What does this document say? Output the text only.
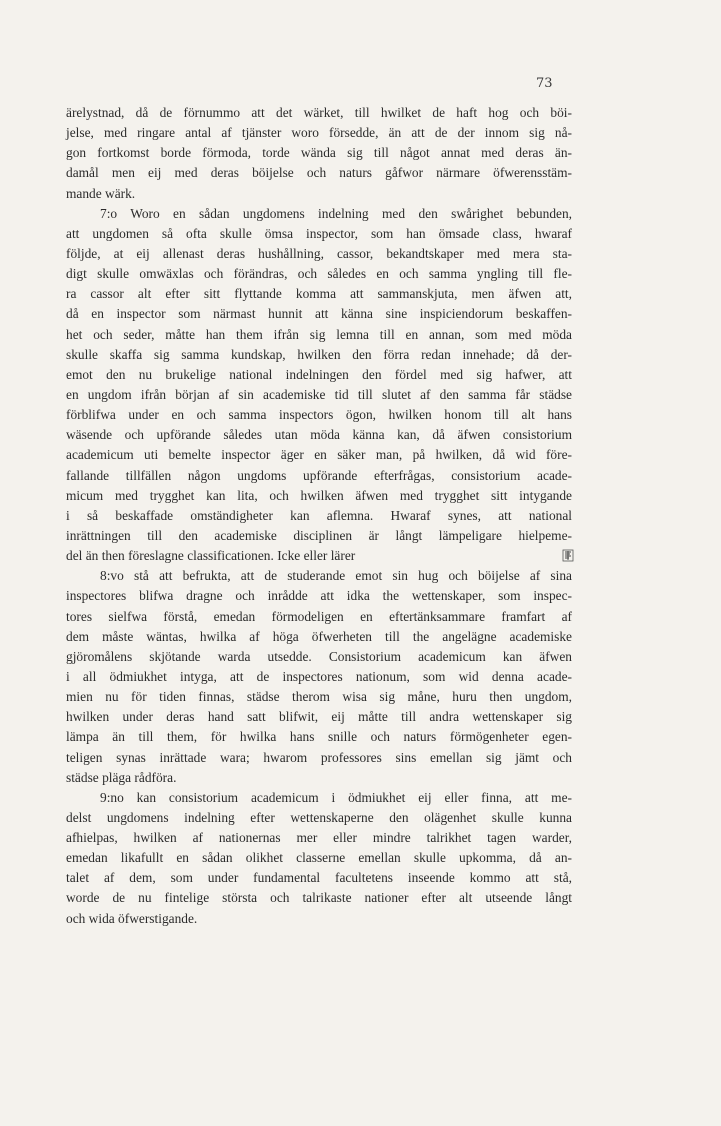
73
ärelystnad, då de förnummo att det wärket, till hwilket de haft hog och böi-
jelse, med ringare antal af tjänster woro försedde, än att de der innom sig nå-
gon fortkomst borde förmoda, torde wända sig till något annat med deras än-
damål men eij med deras böijelse och naturs gåfwor närmare öfwerensstäm-
mande wärk.
7:o Woro en sådan ungdomens indelning med den swårighet bebunden,
att ungdomen så ofta skulle ömsa inspector, som han ömsade class, hwaraf
följde, at eij allenast deras hushållning, cassor, bekandtskaper med mera sta-
digt skulle omwäxlas och förändras, och således en och samma yngling till fle-
ra cassor alt efter sitt flyttande komma att sammanskjuta, men äfwen att,
då en inspector som närmast hunnit att känna sine inspiciendorum beskaffen-
het och seder, måtte han them ifrån sig lemna till en annan, som med möda
skulle skaffa sig samma kundskap, hwilken den förra redan innehade; då der-
emot den nu brukelige national indelningen den fördel med sig hafwer, att
en ungdom ifrån början af sin academiske tid till slutet af den samma får städse
förblifwa under en och samma inspectors ögon, hwilken honom till alt hans
wäsende och upförande således utan möda känna kan, då äfwen consistorium
academicum uti bemelte inspector äger en säker man, på hwilken, då wid före-
fallande tillfällen någon ungdoms upförande efterfrågas, consistorium acade-
micum med trygghet kan lita, och hwilken äfwen med trygghet sitt intygande
i så beskaffade omständigheter kan aflemna. Hwaraf synes, att national
inrättningen till den academiske disciplinen är långt lämpeligare hielpeme-
del än then föreslagne classificationen. Icke eller lärer
8:vo stå att befrukta, att de studerande emot sin hug och böijelse af sina
inspectores blifwa dragne och inrådde att idka the wettenskaper, som inspec-
tores sielfwa förstå, emedan förmodeligen en eftertänksammare framfart af
dem måste wäntas, hwilka af höga öfwerheten till the angelägne academiske
gjöromålens skjötande warda utsedde. Consistorium academicum kan äfwen
i all ödmiukhet intyga, att de inspectores nationum, som wid denna acade-
mien nu för tiden finnas, städse therom wisa sig måne, huru then ungdom,
hwilken under deras hand satt blifwit, eij måtte till andra wettenskaper sig
lämpa än till them, för hwilka hans snille och naturs förmögenheter egen-
teligen synas inrättade wara; hwarom professores sins emellan sig jämt och
städse pläga rådföra.
9:no kan consistorium academicum i ödmiukhet eij eller finna, att me-
delst ungdomens indelning efter wettenskaperne den olägenhet skulle kunna
afhielpas, hwilken af nationernas mer eller mindre talrikhet tagen warder,
emedan likafullt en sådan olikhet classerne emellan skulle upkomma, då an-
talet af dem, som under fundamental facultetens inseende kommo att stå,
worde de nu fintelige största och talrikaste nationer efter alt utseende långt
och wida öfwerstigande.
